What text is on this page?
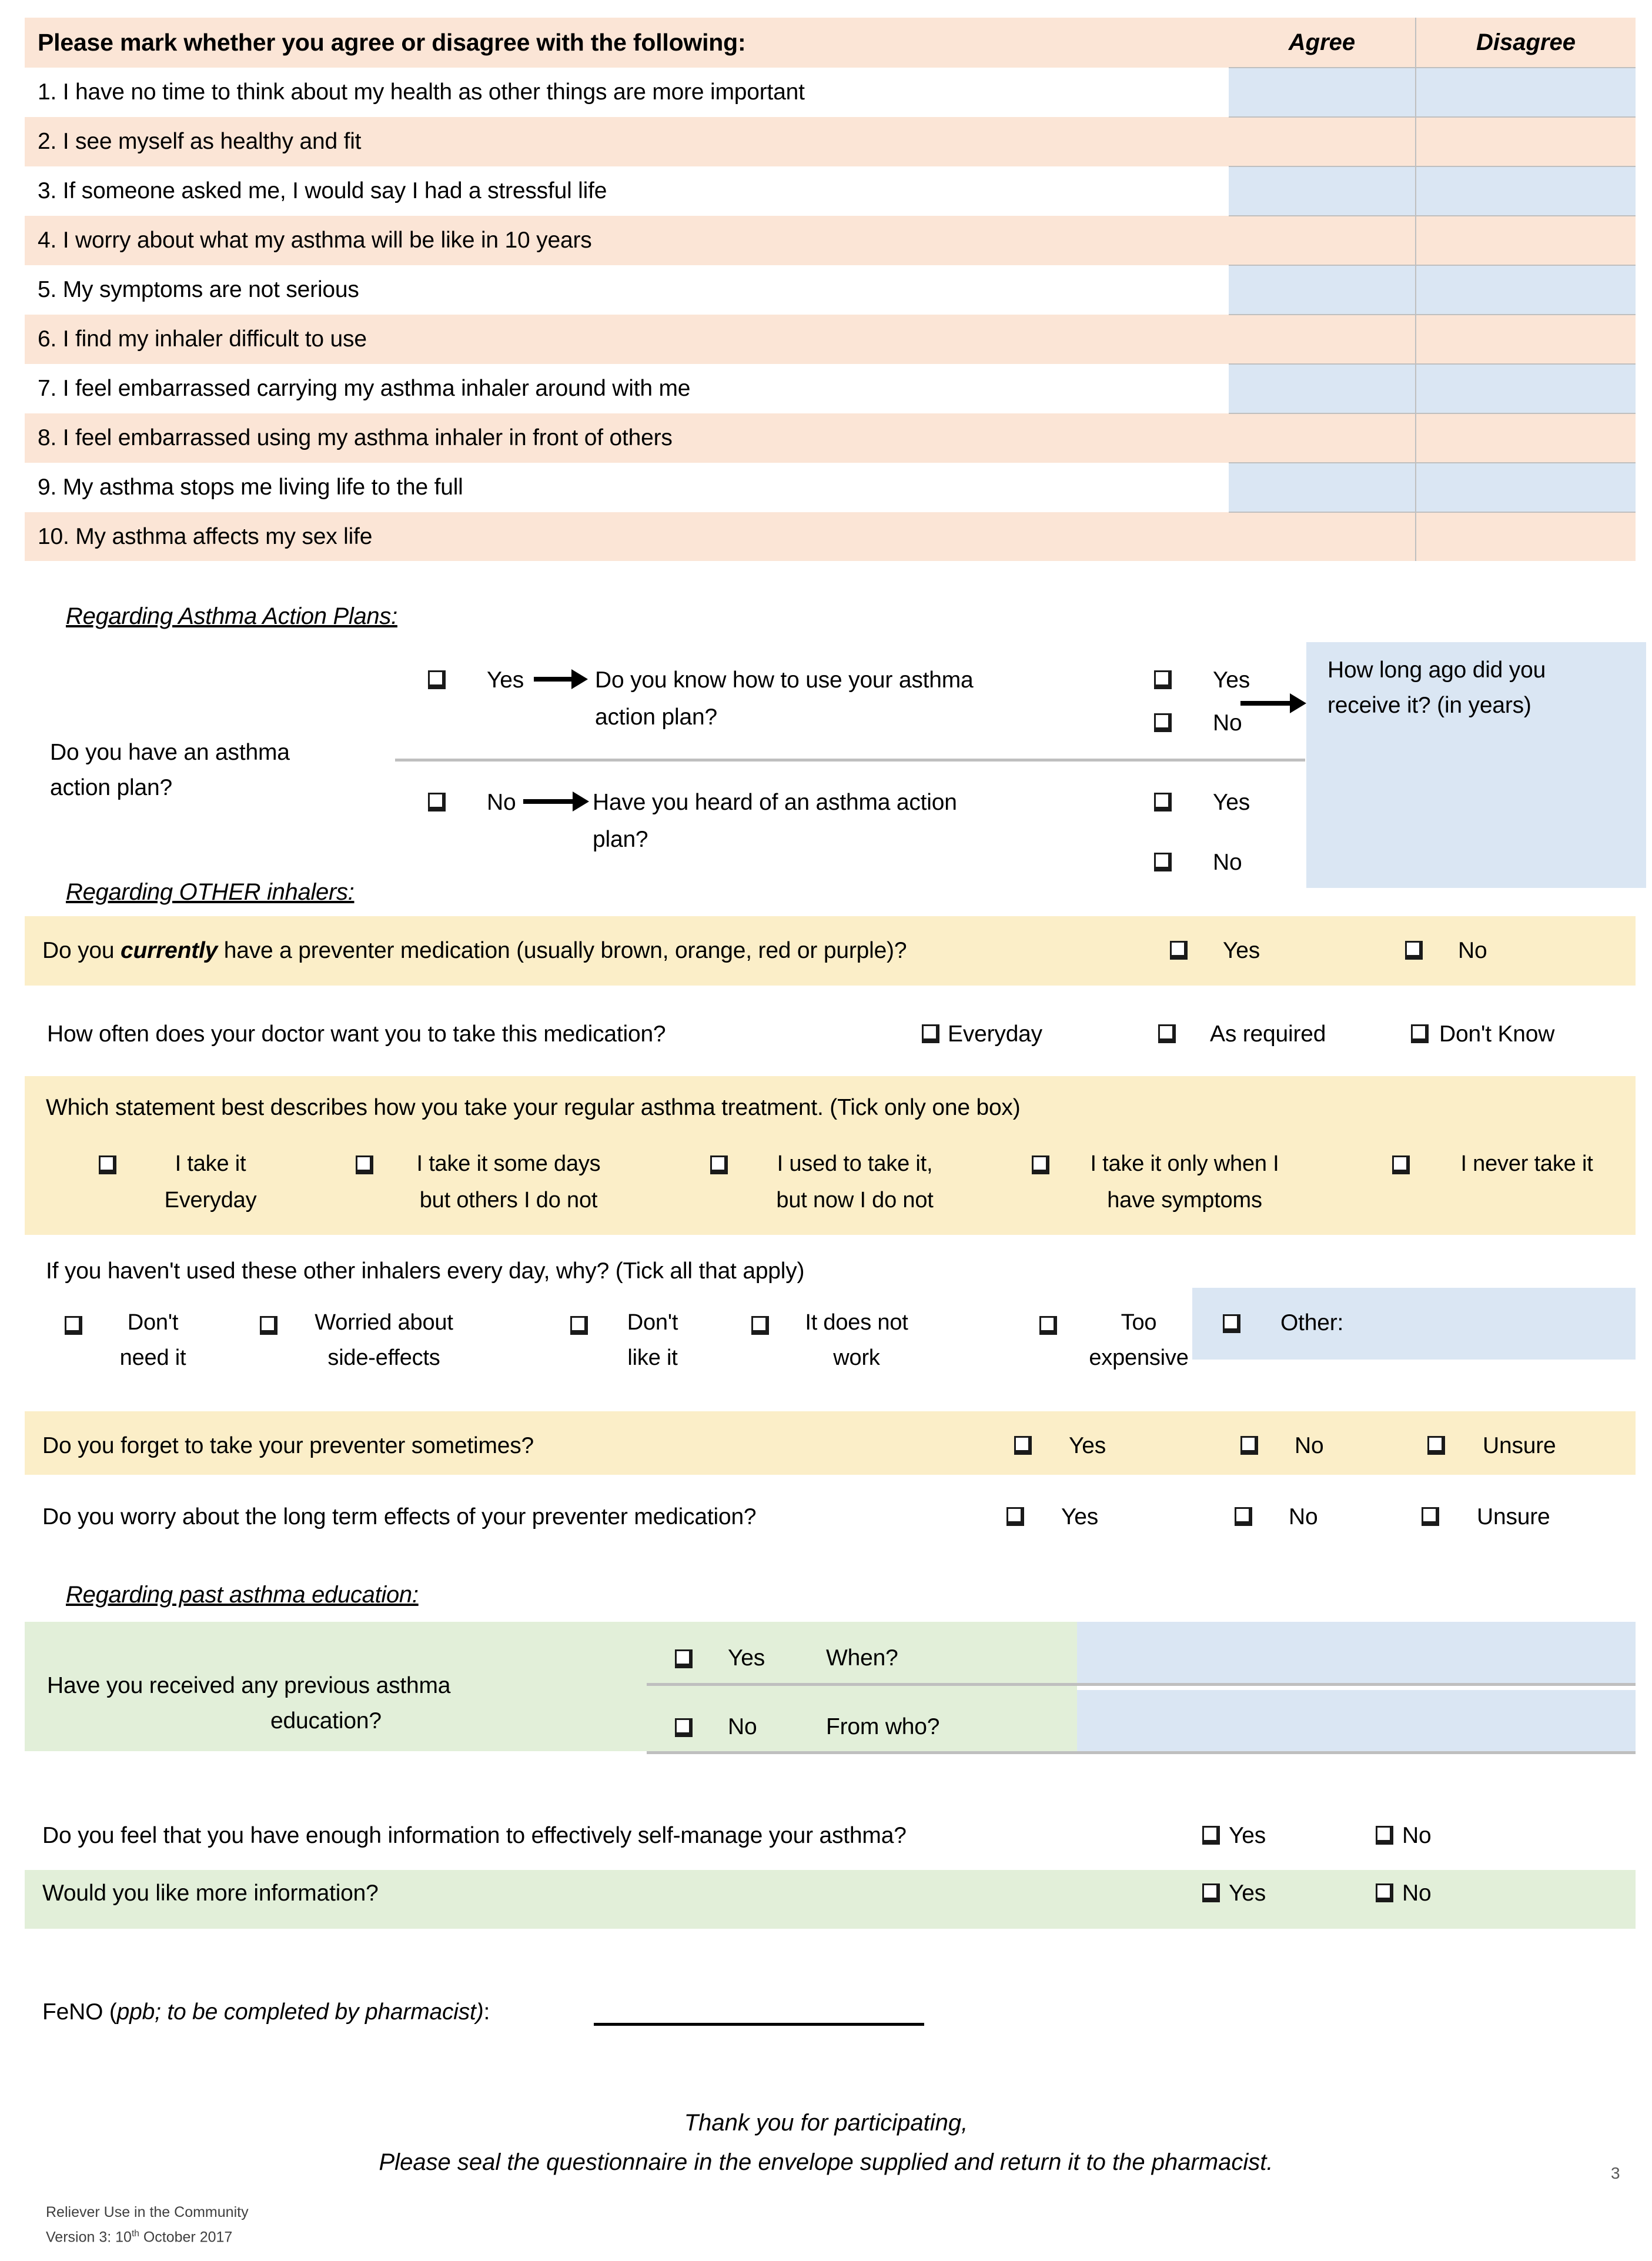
Please mark whether you agree or disagree with the following:	Agree	Disagree
1. I have no time to think about my health as other things are more important		
2. I see myself as healthy and fit		
3. If someone asked me, I would say I had a stressful life		
4. I worry about what my asthma will be like in 10 years		
5. My symptoms are not serious		
6. I find my inhaler difficult to use		
7. I feel embarrassed carrying my asthma inhaler around with me		
8. I feel embarrassed using my asthma inhaler in front of others		
9. My asthma stops me living life to the full		
10. My asthma affects my sex life		
Regarding Asthma Action Plans:
How long ago did you
receive it? (in years)
Do you have an asthma
action plan?
Yes	Do you know how to use your asthma
action plan?
Yes
No
No	Have you heard of an asthma action
plan?
Yes
No
Regarding OTHER inhalers:
Do you currently have a preventer medication (usually brown, orange, red or purple)?	Yes	No
How often does your doctor want you to take this medication?	Everyday	As required	Don't Know
Which statement best describes how you take your regular asthma treatment. (Tick only one box)
I take it
Everyday
I take it some days
but others I do not
I used to take it,
but now I do not
I take it only when I
have symptoms
I never take it
If you haven't used these other inhalers every day, why? (Tick all that apply)
Other:
Don't
need it
Worried about
side-effects
Don't
like it
It does not
work
Too
expensive
Do you forget to take your preventer sometimes?	Yes	No	Unsure
Do you worry about the long term effects of your preventer medication?	Yes	No	Unsure
Regarding past asthma education:
Have you received any previous asthma
education?
Yes	When?
No	From who?
Do you feel that you have enough information to effectively self-manage your asthma?	Yes	No
Would you like more information?	Yes	No
FeNO (ppb; to be completed by pharmacist):
Thank you for participating,
Please seal the questionnaire in the envelope supplied and return it to the pharmacist.	3
Reliever Use in the Community
Version 3: 10th October 2017
